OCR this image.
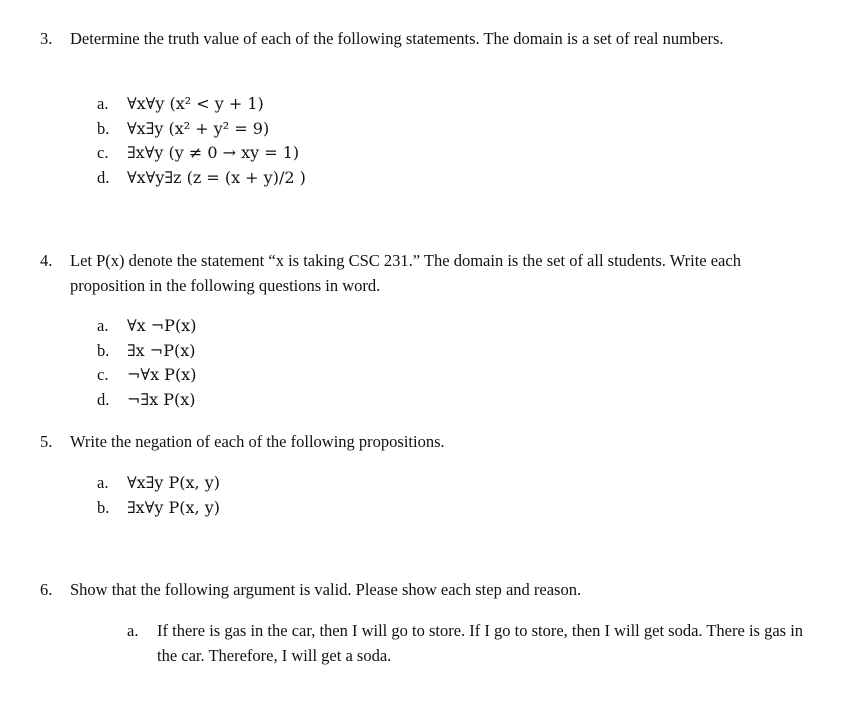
3.	Determine the truth value of each of the following statements. The domain is a set of real numbers.
a.	∀x∀y (x² < y + 1)
b.	∀x∃y (x² + y² = 9)
c.	∃x∀y (y ≠ 0 → xy = 1)
d.	∀x∀y∃z (z = (x + y)/2 )
4.	Let P(x) denote the statement “x is taking CSC 231.” The domain is the set of all students. Write each proposition in the following questions in word.
a.	∀x ¬P(x)
b.	∃x ¬P(x)
c.	¬∀x P(x)
d.	¬∃x P(x)
5.	Write the negation of each of the following propositions.
a.	∀x∃y P(x, y)
b.	∃x∀y P(x, y)
6.	Show that the following argument is valid. Please show each step and reason.
a.	If there is gas in the car, then I will go to store. If I go to store, then I will get soda. There is gas in the car. Therefore, I will get a soda.
